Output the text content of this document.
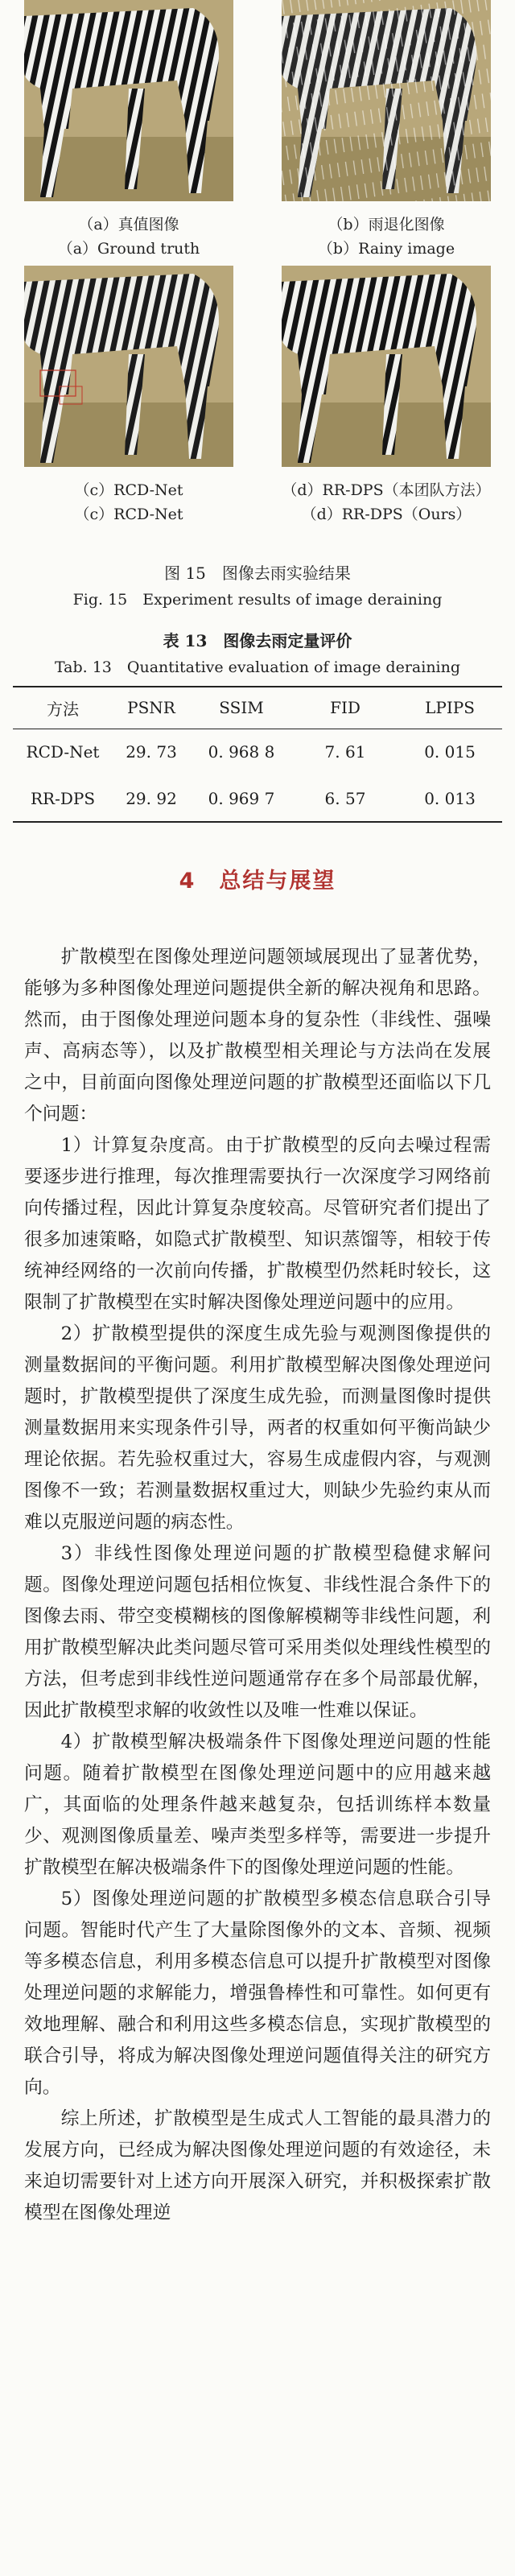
（a）真值图像
（a）Ground truth
（b）雨退化图像
（b）Rainy image
（c）RCD-Net
（c）RCD-Net
（d）RR-DPS（本团队方法）
（d）RR-DPS（Ours）
图 15　图像去雨实验结果
Fig. 15　Experiment results of image deraining
表 13　图像去雨定量评价
Tab. 13　Quantitative evaluation of image deraining
方法	PSNR	SSIM	FID	LPIPS
RCD-Net	29. 73	0. 968 8	7. 61	0. 015
RR-DPS	29. 92	0. 969 7	6. 57	0. 013
4　总结与展望

扩散模型在图像处理逆问题领域展现出了显著优势，能够为多种图像处理逆问题提供全新的解决视角和思路。然而，由于图像处理逆问题本身的复杂性（非线性、强噪声、高病态等），以及扩散模型相关理论与方法尚在发展之中，目前面向图像处理逆问题的扩散模型还面临以下几个问题：

1）计算复杂度高。由于扩散模型的反向去噪过程需要逐步进行推理，每次推理需要执行一次深度学习网络前向传播过程，因此计算复杂度较高。尽管研究者们提出了很多加速策略，如隐式扩散模型、知识蒸馏等，相较于传统神经网络的一次前向传播，扩散模型仍然耗时较长，这限制了扩散模型在实时解决图像处理逆问题中的应用。

2）扩散模型提供的深度生成先验与观测图像提供的测量数据间的平衡问题。利用扩散模型解决图像处理逆问题时，扩散模型提供了深度生成先验，而测量图像时提供测量数据用来实现条件引导，两者的权重如何平衡尚缺少理论依据。若先验权重过大，容易生成虚假内容，与观测图像不一致；若测量数据权重过大，则缺少先验约束从而难以克服逆问题的病态性。

3）非线性图像处理逆问题的扩散模型稳健求解问题。图像处理逆问题包括相位恢复、非线性混合条件下的图像去雨、带空变模糊核的图像解模糊等非线性问题，利用扩散模型解决此类问题尽管可采用类似处理线性模型的方法，但考虑到非线性逆问题通常存在多个局部最优解，因此扩散模型求解的收敛性以及唯一性难以保证。

4）扩散模型解决极端条件下图像处理逆问题的性能问题。随着扩散模型在图像处理逆问题中的应用越来越广，其面临的处理条件越来越复杂，包括训练样本数量少、观测图像质量差、噪声类型多样等，需要进一步提升扩散模型在解决极端条件下的图像处理逆问题的性能。

5）图像处理逆问题的扩散模型多模态信息联合引导问题。智能时代产生了大量除图像外的文本、音频、视频等多模态信息，利用多模态信息可以提升扩散模型对图像处理逆问题的求解能力，增强鲁棒性和可靠性。如何更有效地理解、融合和利用这些多模态信息，实现扩散模型的联合引导，将成为解决图像处理逆问题值得关注的研究方向。

综上所述，扩散模型是生成式人工智能的最具潜力的发展方向，已经成为解决图像处理逆问题的有效途径，未来迫切需要针对上述方向开展深入研究，并积极探索扩散模型在图像处理逆
